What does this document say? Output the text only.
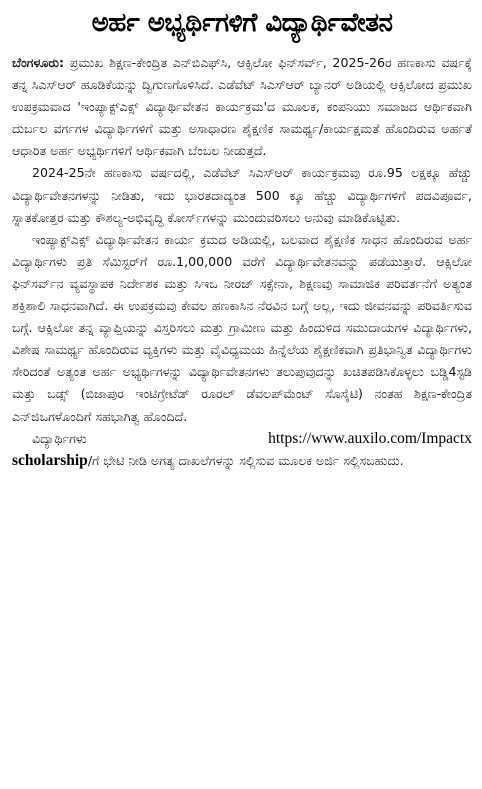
ಅರ್ಹ ಅಭ್ಯರ್ಥಿಗಳಿಗೆ ವಿದ್ಯಾರ್ಥಿವೇತನ

ಬೆಂಗಳೂರು: ಪ್ರಮುಖ ಶಿಕ್ಷಣ-ಕೇಂದ್ರಿತ ಎನ್‌ಬಿಎಫ್‌ಸಿ, ಆಕ್ಸಿಲೋ ಫಿನ್‌ಸರ್ವ್, 2025-26ರ ಹಣಕಾಸು ವರ್ಷಕ್ಕೆ ತನ್ನ ಸಿಎಸ್‌ಆರ್ ಹೂಡಿಕೆಯನ್ನು ದ್ವಿಗುಣಗೊಳಿಸಿದೆ. ಎಡೆವೆಟ್ ಸಿಎಸ್‌ಆರ್ ಬ್ಯಾನರ್ ಅಡಿಯಲ್ಲಿ ಆಕ್ಸಿಲೋದ ಪ್ರಮುಖ ಉಪಕ್ರಮವಾದ 'ಇಂಪ್ಯಾಕ್ಟ್‌ಎಕ್ಸ್ ವಿದ್ಯಾರ್ಥಿವೇತನ ಕಾರ್ಯಕ್ರಮ'ದ ಮೂಲಕ, ಕಂಪನಿಯು ಸಮಾಜದ ಆರ್ಥಿಕವಾಗಿ ದುರ್ಬಲ ವರ್ಗಗಳ ವಿದ್ಯಾರ್ಥಿಗಳಿಗೆ ಮತ್ತು ಅಸಾಧಾರಣ ಶೈಕ್ಷಣಿಕ ಸಾಮರ್ಥ್ಯ/ಕಾರ್ಯಕ್ಷಮತೆ ಹೊಂದಿರುವ ಅರ್ಹತೆ ಆಧಾರಿತ ಅರ್ಹ ಅಭ್ಯರ್ಥಿಗಳಿಗೆ ಆರ್ಥಿಕವಾಗಿ ಬೆಂಬಲ ನೀಡುತ್ತದೆ.

2024-25ನೇ ಹಣಕಾಸು ವರ್ಷದಲ್ಲಿ, ಎಡೆವೆಟ್ ಸಿಎಸ್‌ಆರ್ ಕಾರ್ಯಕ್ರಮವು ರೂ.95 ಲಕ್ಷಕ್ಕೂ ಹೆಚ್ಚು ವಿದ್ಯಾರ್ಥಿವೇತನಗಳನ್ನು ನೀಡಿತು, ಇದು ಭಾರತದಾದ್ಯಂತ 500 ಕ್ಕೂ ಹೆಚ್ಚು ವಿದ್ಯಾರ್ಥಿಗಳಿಗೆ ಪದವಿಪೂರ್ವ, ಸ್ನಾತಕೋತ್ತರ ಮತ್ತು ಕೌಶಲ್ಯ-ಅಭಿವೃದ್ಧಿ ಕೋರ್ಸ್‌ಗಳನ್ನು ಮುಂದುವರಿಸಲು ಅನುವು ಮಾಡಿಕೊಟ್ಟಿತು.

ಇಂಪ್ಯಾಕ್ಟ್‌ಎಕ್ಸ್ ವಿದ್ಯಾರ್ಥಿವೇತನ ಕಾರ್ಯ ಕ್ರಮದ ಅಡಿಯಲ್ಲಿ, ಬಲವಾದ ಶೈಕ್ಷಣಿಕ ಸಾಧನ ಹೊಂದಿರುವ ಅರ್ಹ ವಿದ್ಯಾರ್ಥಿಗಳು ಪ್ರತಿ ಸೆಮಿಸ್ಟರ್‌ಗೆ ರೂ.1,00,000 ವರೆಗೆ ವಿದ್ಯಾರ್ಥಿವೇತನವನ್ನು ಪಡೆಯುತ್ತಾರೆ. ಆಕ್ಸಿಲೋ ಫಿನ್‌ಸರ್ವ್‌ನ ವ್ಯವಸ್ಥಾಪಕ ನಿರ್ದೇಶಕ ಮತ್ತು ಸಿಇಒ ನೀರಜ್ ಸಕ್ಸೇನಾ, ಶಿಕ್ಷಣವು ಸಾಮಾಜಿಕ ಪರಿವರ್ತನೆಗೆ ಅತ್ಯಂತ ಶಕ್ತಿಶಾಲಿ ಸಾಧನವಾಗಿದೆ. ಈ ಉಪಕ್ರಮವು ಕೇವಲ ಹಣಕಾಸಿನ ನೆರವಿನ ಬಗ್ಗೆ ಅಲ್ಲ, ಇದು ಜೀವನವನ್ನು ಪರಿವರ್ತಿಸುವ ಬಗ್ಗೆ. ಆಕ್ಸಿಲೋ ತನ್ನ ವ್ಯಾಪ್ತಿಯನ್ನು ವಿಸ್ತರಿಸಲು ಮತ್ತು ಗ್ರಾಮೀಣ ಮತ್ತು ಹಿಂದುಳಿದ ಸಮುದಾಯಗಳ ವಿದ್ಯಾರ್ಥಿಗಳು, ವಿಶೇಷ ಸಾಮರ್ಥ್ಯ ಹೊಂದಿರುವ ವ್ಯಕ್ತಿಗಳು ಮತ್ತು ವೈವಿಧ್ಯಮಯ ಹಿನ್ನೆಲೆಯ ಶೈಕ್ಷಣಿಕವಾಗಿ ಪ್ರತಿಭಾನ್ವಿತ ವಿದ್ಯಾರ್ಥಿಗಳು ಸೇರಿದಂತೆ ಅತ್ಯಂತ ಅರ್ಹ ಅಭ್ಯರ್ಥಿಗಳನ್ನು ವಿದ್ಯಾರ್ಥಿವೇತನಗಳು ತಲುಪುವುದನ್ನು ಖಚಿತಪಡಿಸಿಕೊಳ್ಳಲು ಬಡ್ಡಿ4ಸ್ಟಡಿ ಮತ್ತು ಬಡ್ಸ್ (ಬಿಜಾಪುರ ಇಂಟಿಗ್ರೇಟೆಡ್ ರೂರಲ್ ಡೆವಲಪ್‌ಮೆಂಟ್ ಸೊಸೈಟಿ) ನಂತಹ ಶಿಕ್ಷಣ-ಕೇಂದ್ರಿತ ಎನ್‌ಜಿಒಗಳೊಂದಿಗೆ ಸಹಭಾಗಿತ್ವ ಹೊಂದಿದೆ.

ವಿದ್ಯಾರ್ಥಿಗಳು	https://www.auxilo.com/Impactx
scholarship/ಗೆ ಭೇಟಿ ನೀಡಿ ಅಗತ್ಯ ದಾಖಲೆಗಳನ್ನು ಸಲ್ಲಿಸುವ ಮೂಲಕ ಅರ್ಜಿ ಸಲ್ಲಿಸಬಹುದು.
